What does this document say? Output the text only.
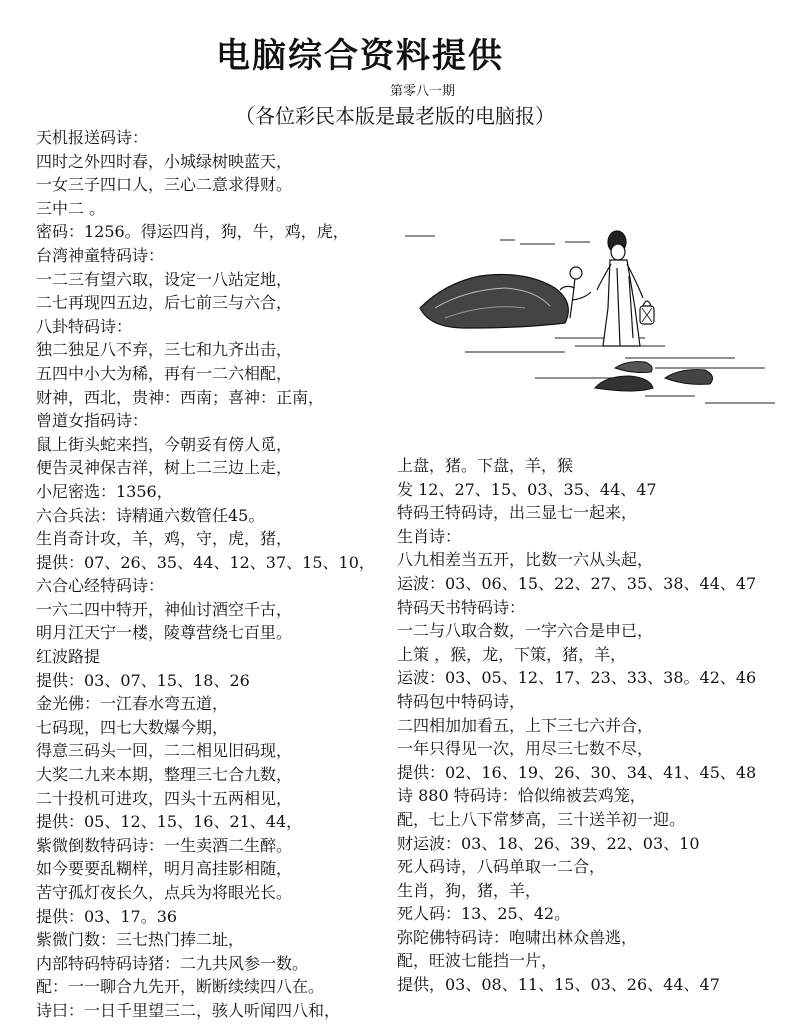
电脑综合资料提供
第零八一期
（各位彩民本版是最老版的电脑报）
天机报送码诗：
四时之外四时春，小城绿树映蓝天，
一女三子四口人，三心二意求得财。
三中二 。
密码：1256。得运四肖，狗，牛，鸡，虎，
台湾神童特码诗：
一二三有望六取，设定一八站定地，
二七再现四五边，后七前三与六合，
八卦特码诗：
独二独足八不弃，三七和九齐出击，
五四中小大为稀，再有一二六相配，
财神，西北，贵神：西南；喜神：正南，
曾道女指码诗：
鼠上街头蛇来挡，今朝妥有傍人觅，
便告灵神保吉祥，树上二三边上走，
小尼密选：1356，
六合兵法：诗精通六数管任45。
生肖奇计攻，羊，鸡，守，虎，猪，
提供：07、26、35、44、12、37、15、10，
六合心经特码诗：
一六二四中特开，神仙讨酒空千古，
明月江天宁一楼，陵尊营绕七百里。
红波路提
提供：03、07、15、18、26
金光佛：一江春水弯五道，
七码现，四七大数爆今期，
得意三码头一回，二二相见旧码现，
大奖二九来本期，整理三七合九数，
二十投机可进攻，四头十五两相见，
提供：05、12、15、16、21、44，
紫微倒数特码诗：一生卖酒二生醉。
如今要要乱糊样，明月高挂影相随，
苦守孤灯夜长久，点兵为将眼光长。
提供：03、17。36
紫微门数：三七热门捧二址，
内部特码特码诗猪：二九共风参一数。
配：一一聊合九先开，断断续续四八在。
诗曰：一日千里望三二，骇人听闻四八和，
上盘，猪。下盘，羊，猴
发 12、27、15、03、35、44、47
特码王特码诗，出三显七一起来，
生肖诗：
八九相差当五开，比数一六从头起，
运波：03、06、15、22、27、35、38、44、47
特码天书特码诗：
一二与八取合数，一字六合是申已，
上策 ，猴，龙，下策，猪，羊，
运波：03、05、12、17、23、33、38。42、46
特码包中特码诗，
二四相加加看五，上下三七六并合，
一年只得见一次，用尽三七数不尽，
提供：02、16、19、26、30、34、41、45、48
诗 880 特码诗：恰似绵被芸鸡笼，
配，七上八下常梦高，三十送羊初一迎。
财运波：03、18、26、39、22、03、10
死人码诗，八码单取一二合，
生肖，狗，猪，羊，
死人码：13、25、42。
弥陀佛特码诗：咆啸出林众兽逃，
配，旺波七能挡一片，
提供，03、08、11、15、03、26、44、47
